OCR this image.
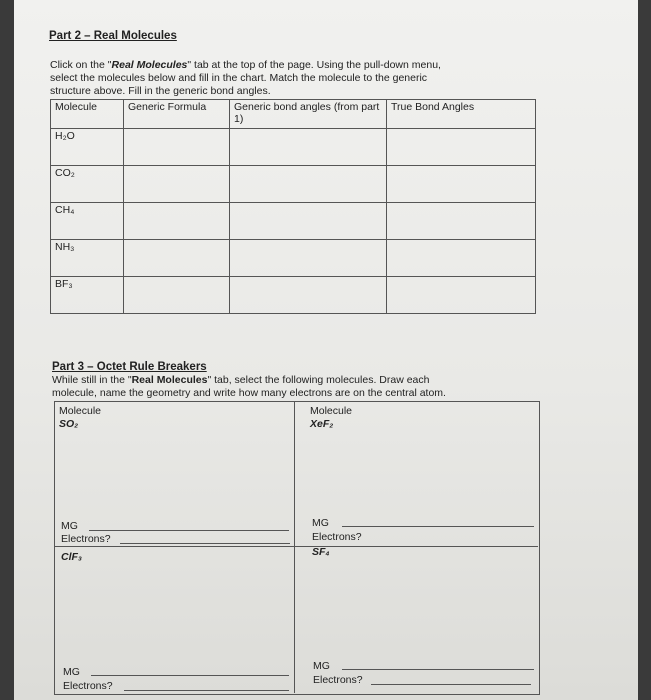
Part 2 – Real Molecules
Click on the "Real Molecules" tab at the top of the page. Using the pull-down menu,
select the molecules below and fill in the chart. Match the molecule to the generic
structure above. Fill in the generic bond angles.
Molecule	Generic Formula	Generic bond angles (from part 1)	True Bond Angles
H₂O			
CO₂			
CH₄			
NH₃			
BF₃			
Part 3 – Octet Rule Breakers
While still in the "Real Molecules" tab, select the following molecules. Draw each
molecule, name the geometry and write how many electrons are on the central atom.
Molecule
SO₂
MG
Electrons?
Molecule
XeF₂
MG
Electrons?
SF₄
ClF₃
MG
Electrons?
MG
Electrons?
